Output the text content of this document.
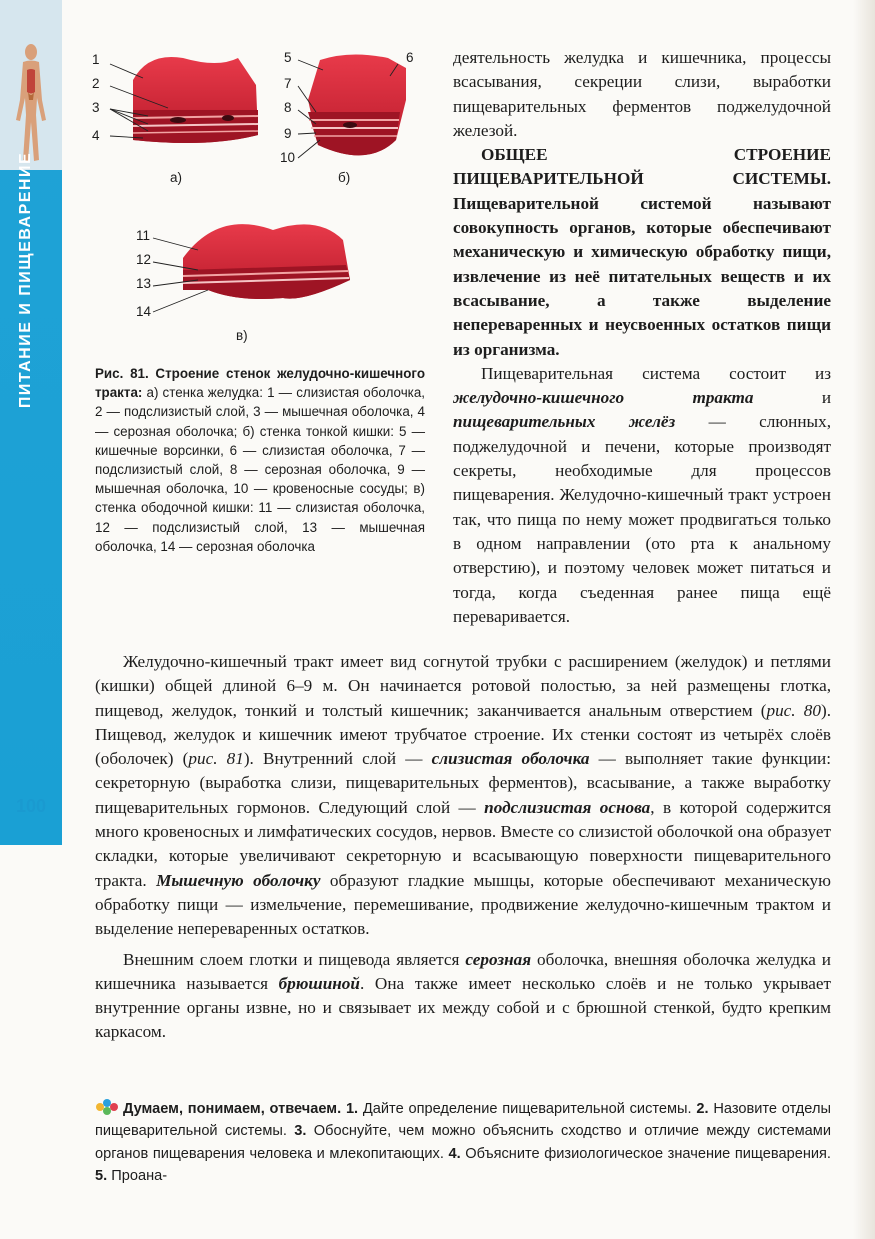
ПИТАНИЕ И ПИЩЕВАРЕНИЕ
100
1
2
3
4
а)
5	6
7
8
9
10
б)
11
12
13
14
в)
Рис. 81. Строение стенок желудочно-кишечного тракта: а) стенка желудка: 1 — слизистая оболочка, 2 — подслизистый слой, 3 — мышечная оболочка, 4 — серозная оболочка; б) стенка тонкой кишки: 5 — кишечные ворсинки, 6 — слизистая оболочка, 7 — подслизистый слой, 8 — серозная оболочка, 9 — мышечная оболочка, 10 — кровеносные сосуды; в) стенка ободочной кишки: 11 — слизистая оболочка, 12 — подслизистый слой, 13 — мышечная оболочка, 14 — серозная оболочка

деятельность желудка и кишечника, процессы всасывания, секреции слизи, выработки пищеварительных ферментов поджелудочной железой.

ОБЩЕЕ СТРОЕНИЕ ПИЩЕВАРИТЕЛЬНОЙ СИСТЕМЫ. Пищеварительной системой называют совокупность органов, которые обеспечивают механическую и химическую обработку пищи, извлечение из неё питательных веществ и их всасывание, а также выделение непереваренных и неусвоенных остатков пищи из организма.

Пищеварительная система состоит из желудочно-кишечного тракта	и пищеварительных желёз — слюнных, поджелудочной и печени, которые производят секреты, необходимые для процессов пищеварения. Желудочно-кишечный тракт устроен так, что пища по нему может продвигаться только в одном направлении (ото рта к анальному отверстию), и поэтому человек может питаться и тогда, когда съеденная ранее пища ещё переваривается.

Желудочно-кишечный тракт имеет вид согнутой трубки с расширением (желудок) и петлями (кишки) общей длиной 6–9 м. Он начинается ротовой полостью, за ней размещены глотка, пищевод, желудок, тонкий и толстый кишечник; заканчивается анальным отверстием (рис. 80). Пищевод, желудок и кишечник имеют трубчатое строение. Их стенки состоят из четырёх слоёв (оболочек) (рис. 81). Внутренний слой — слизистая оболочка — выполняет такие функции: секреторную (выработка слизи, пищеварительных ферментов), всасывание, а также выработку пищеварительных гормонов. Следующий слой — подслизистая основа, в которой содержится много кровеносных и лимфатических сосудов, нервов. Вместе со слизистой оболочкой она образует складки, которые увеличивают секреторную и всасывающую поверхности пищеварительного тракта. Мышечную оболочку образуют гладкие мышцы, которые обеспечивают механическую обработку пищи — измельчение, перемешивание, продвижение желудочно-кишечным трактом и выделение непереваренных остатков.

Внешним слоем глотки и пищевода является серозная оболочка, внешняя оболочка желудка и кишечника называется брюшиной. Она также имеет несколько слоёв и не только укрывает внутренние органы извне, но и связывает их между собой и с брюшной стенкой, будто крепким каркасом.

Думаем, понимаем, отвечаем. 1. Дайте определение пищеварительной системы. 2. Назовите отделы пищеварительной системы. 3. Обоснуйте, чем можно объяснить сходство и отличие между системами органов пищеварения человека и млекопитающих. 4. Объясните физиологическое значение пищеварения. 5. Проана-
